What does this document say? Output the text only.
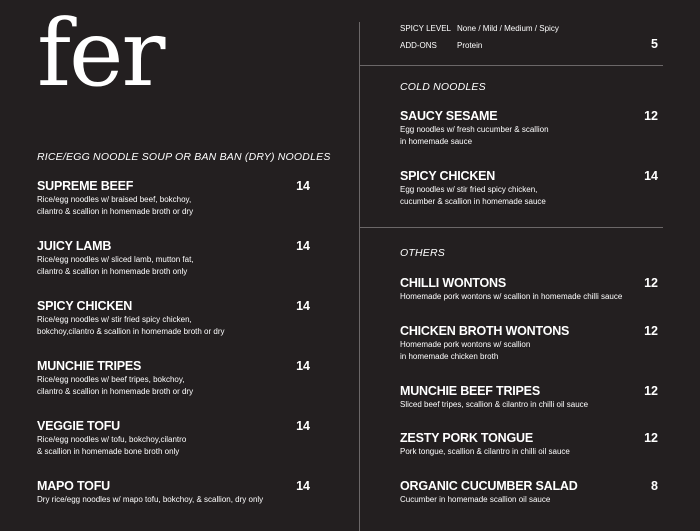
fer	SPICY LEVEL None / Mild / Medium / Spicy
ADD-ONS	Protein	5
RICE/EGG NOODLE SOUP OR BAN BAN (DRY) NOODLES
SUPREME BEEF
Rice/egg noodles w/ braised beef, bokchoy,
cilantro & scallion in homemade broth or dry
14
JUICY LAMB
Rice/egg noodles w/ sliced lamb, mutton fat,
cilantro & scallion in homemade broth only
14
SPICY CHICKEN
Rice/egg noodles w/ stir fried spicy chicken,
bokchoy,cilantro & scallion in homemade broth or dry
14
MUNCHIE TRIPES
Rice/egg noodles w/ beef tripes, bokchoy,
cilantro & scallion in homemade broth or dry
14
VEGGIE TOFU
Rice/egg noodles w/ tofu, bokchoy,cilantro
& scallion in homemade bone broth only
14
MAPO TOFU
Dry rice/egg noodles w/ mapo tofu, bokchoy, & scallion, dry only
14
COLD NOODLES
SAUCY SESAME
Egg noodles w/ fresh cucumber & scallion
in homemade sauce
12
SPICY CHICKEN
Egg noodles w/ stir fried spicy chicken,
cucumber & scallion in homemade sauce
14
OTHERS
CHILLI WONTONS
Homemade pork wontons w/ scallion in homemade chilli sauce
12
CHICKEN BROTH WONTONS
Homemade pork wontons w/ scallion
in homemade chicken broth
12
MUNCHIE BEEF TRIPES
Sliced beef tripes, scallion & cilantro in chilli oil sauce
12
ZESTY PORK TONGUE
Pork tongue, scallion & cilantro in chilli oil sauce
12
ORGANIC CUCUMBER SALAD
Cucumber in homemade scallion oil sauce
8
